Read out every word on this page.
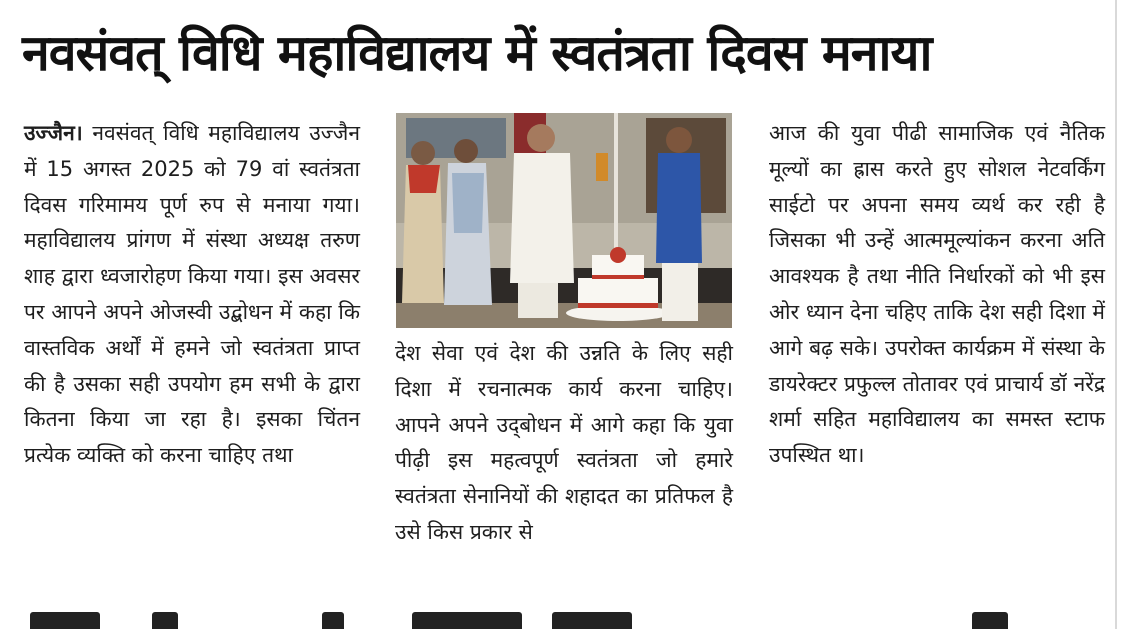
नवसंवत् विधि महाविद्यालय में स्वतंत्रता दिवस मनाया
उज्जैन। नवसंवत् विधि महाविद्यालय उज्जैन में 15 अगस्त 2025 को 79 वां स्वतंत्रता दिवस गरिमामय पूर्ण रुप से मनाया गया। महाविद्यालय प्रांगण में संस्था अध्यक्ष तरुण शाह द्वारा ध्वजारोहण किया गया। इस अवसर पर आपने अपने ओजस्वी उद्बोधन में कहा कि वास्तविक अर्थों में हमने जो स्वतंत्रता प्राप्त की है उसका सही उपयोग हम सभी के द्वारा कितना किया जा रहा है। इसका चिंतन प्रत्येक व्यक्ति को करना चाहिए तथा
देश सेवा एवं देश की उन्नति के लिए सही दिशा में रचनात्मक कार्य करना चाहिए। आपने अपने उद्‌बोधन में आगे कहा कि युवा पीढ़ी इस महत्वपूर्ण स्वतंत्रता जो हमारे स्वतंत्रता सेनानियों की शहादत का प्रतिफल है उसे किस प्रकार से
आज की युवा पीढी सामाजिक एवं नैतिक मूल्यों का ह्रास करते हुए सोशल नेटवर्किंग साईटो पर अपना समय व्यर्थ कर रही है जिसका भी उन्हें आत्ममूल्यांकन करना अति आवश्यक है तथा नीति निर्धारकों को भी इस ओर ध्यान देना चहिए ताकि देश सही दिशा में आगे बढ़ सके। उपरोक्त कार्यक्रम में संस्था के डायरेक्टर प्रफुल्ल तोतावर एवं प्राचार्य डॉ नरेंद्र शर्मा सहित महाविद्यालय का समस्त स्टाफ उपस्थित था।
